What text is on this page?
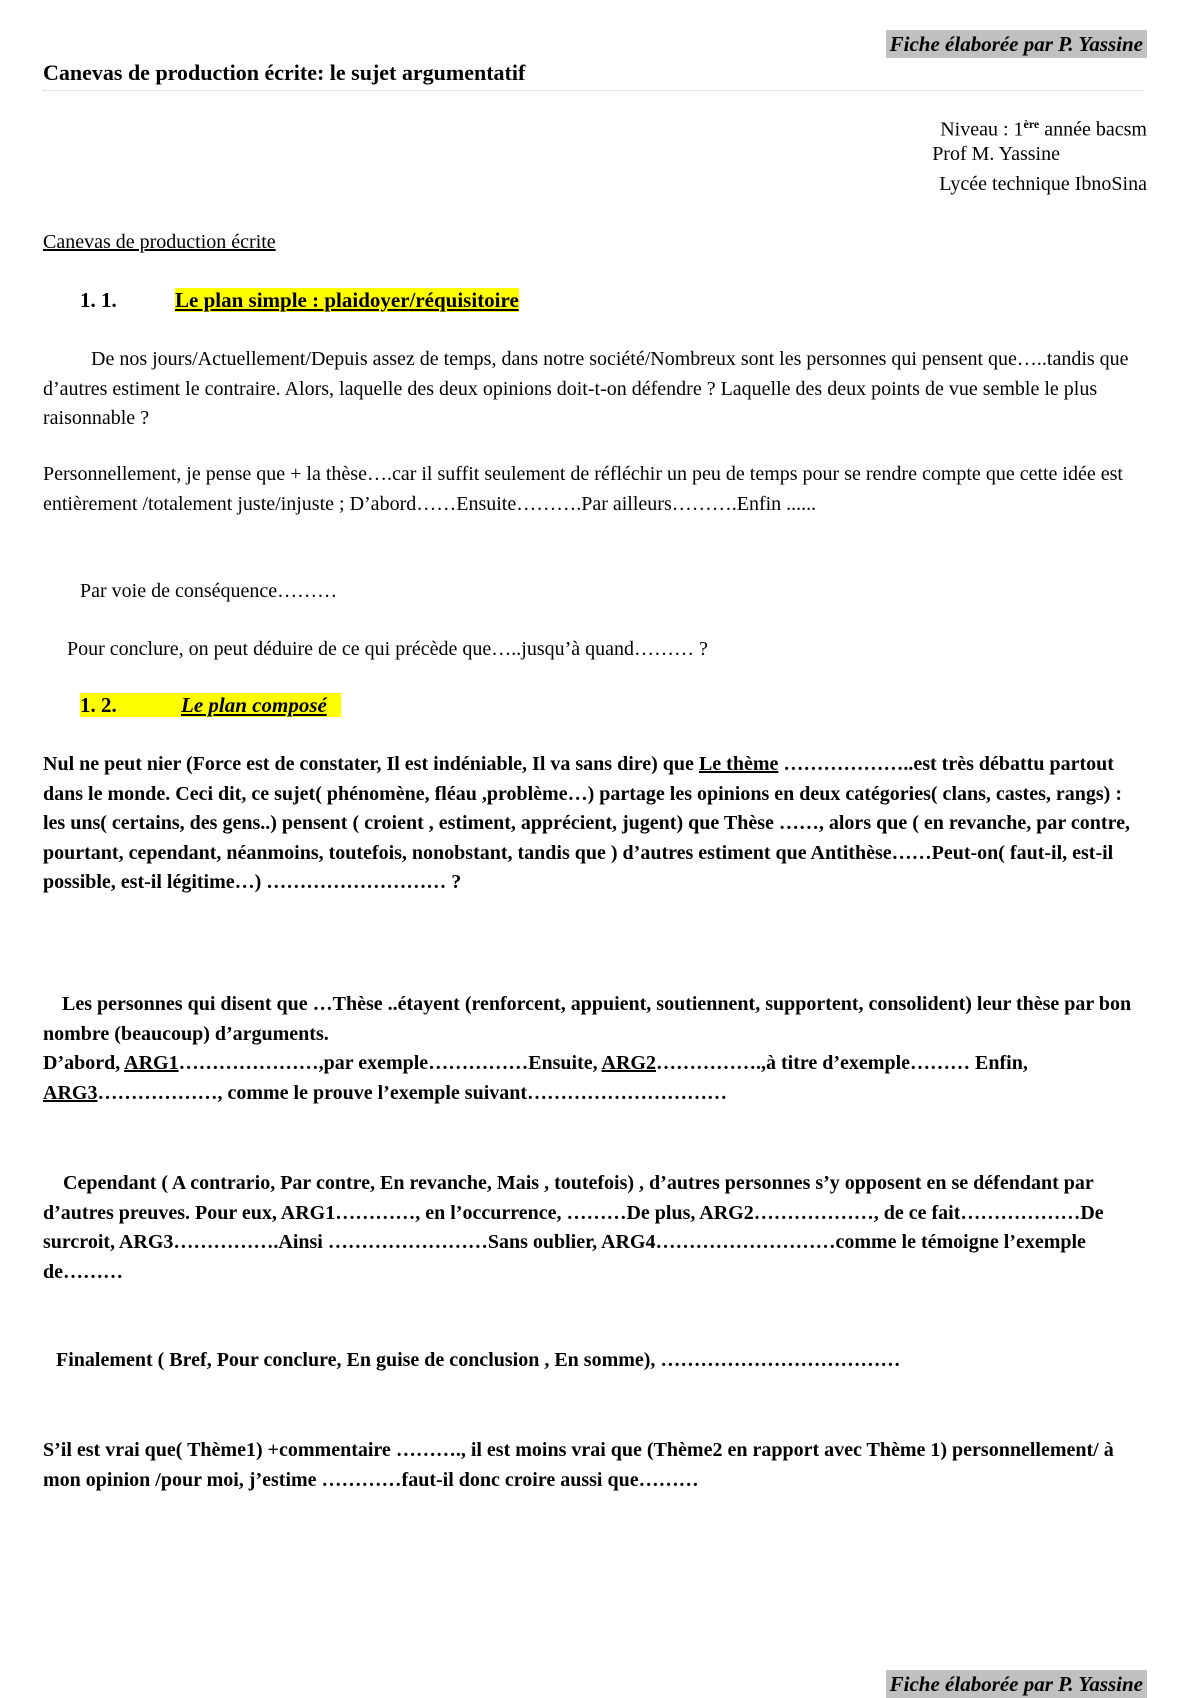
Fiche élaborée par P. Yassine
Canevas de production écrite: le sujet argumentatif
Niveau : 1ère année bacsm
Prof M. Yassine
Lycée technique IbnoSina
Canevas de production écrite
1. 1.	Le plan simple : plaidoyer/réquisitoire
De nos jours/Actuellement/Depuis assez de temps, dans notre société/Nombreux sont les personnes qui pensent que…..tandis que d’autres estiment le contraire. Alors, laquelle des deux opinions doit-t-on défendre ? Laquelle des deux points de vue semble le plus raisonnable ?
Personnellement, je pense que + la thèse….car il suffit seulement de réfléchir un peu de temps pour se rendre compte que cette idée est entièrement /totalement juste/injuste ; D’abord……Ensuite……….Par ailleurs……….Enfin ......
Par voie de conséquence………
Pour conclure, on peut déduire de ce qui précède que…..jusqu’à quand……… ?
1. 2.	Le plan composé
Nul ne peut nier (Force est de constater, Il est indéniable, Il va sans dire) que Le thème ………………..est très débattu partout dans le monde. Ceci dit, ce sujet( phénomène, fléau ,problème…) partage les opinions en deux catégories( clans, castes, rangs) : les uns( certains, des gens..) pensent ( croient , estiment, apprécient, jugent) que Thèse ……, alors que ( en revanche, par contre, pourtant, cependant, néanmoins, toutefois, nonobstant, tandis que ) d’autres estiment que Antithèse……Peut-on( faut-il, est-il possible, est-il légitime…) ……………………… ?
Les personnes qui disent que …Thèse ..étayent (renforcent, appuient, soutiennent, supportent, consolident) leur thèse par bon nombre (beaucoup) d’arguments.
D’abord, ARG1…………………,par exemple……………Ensuite, ARG2…………….,à titre d’exemple……… Enfin, ARG3………………, comme le prouve l’exemple suivant…………………………
Cependant ( A contrario, Par contre, En revanche, Mais , toutefois) , d’autres personnes s’y opposent en se défendant par d’autres preuves. Pour eux, ARG1…………, en l’occurrence, ………De plus, ARG2………………, de ce fait………………De surcroit, ARG3…………….Ainsi ……………………Sans oublier, ARG4………………………comme le témoigne l’exemple de………
Finalement ( Bref, Pour conclure, En guise de conclusion , En somme), ………………………………
S’il est vrai que( Thème1) +commentaire ………., il est moins vrai que (Thème2 en rapport avec Thème 1) personnellement/ à mon opinion /pour moi, j’estime …………faut-il donc croire aussi que………
Fiche élaborée par P. Yassine
